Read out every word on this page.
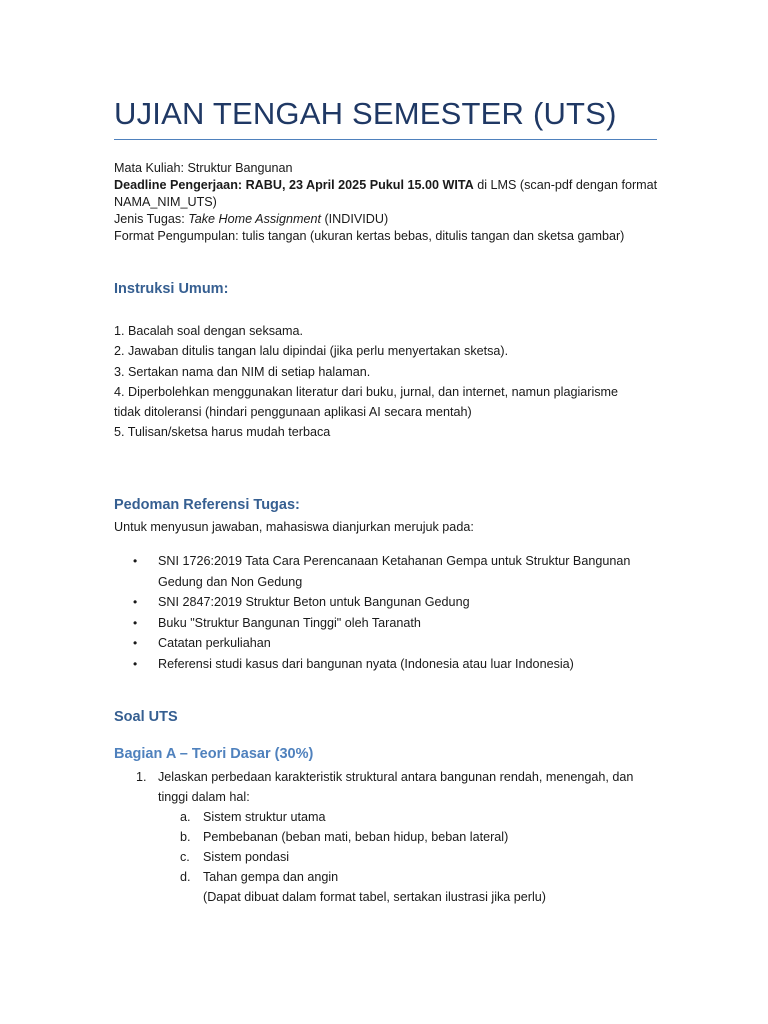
UJIAN TENGAH SEMESTER (UTS)
Mata Kuliah: Struktur Bangunan
Deadline Pengerjaan: RABU, 23 April 2025 Pukul 15.00 WITA di LMS (scan-pdf dengan format
NAMA_NIM_UTS)
Jenis Tugas: Take Home Assignment (INDIVIDU)
Format Pengumpulan: tulis tangan (ukuran kertas bebas, ditulis tangan dan sketsa gambar)
Instruksi Umum:
1. Bacalah soal dengan seksama.
2. Jawaban ditulis tangan lalu dipindai (jika perlu menyertakan sketsa).
3. Sertakan nama dan NIM di setiap halaman.
4. Diperbolehkan menggunakan literatur dari buku, jurnal, dan internet, namun plagiarisme
tidak ditoleransi (hindari penggunaan aplikasi AI secara mentah)
5. Tulisan/sketsa harus mudah terbaca
Pedoman Referensi Tugas:
Untuk menyusun jawaban, mahasiswa dianjurkan merujuk pada:
• SNI 1726:2019 Tata Cara Perencanaan Ketahanan Gempa untuk Struktur Bangunan
Gedung dan Non Gedung
• SNI 2847:2019 Struktur Beton untuk Bangunan Gedung
• Buku "Struktur Bangunan Tinggi" oleh Taranath
• Catatan perkuliahan
• Referensi studi kasus dari bangunan nyata (Indonesia atau luar Indonesia)
Soal UTS
Bagian A – Teori Dasar (30%)
1. Jelaskan perbedaan karakteristik struktural antara bangunan rendah, menengah, dan
tinggi dalam hal:
a. Sistem struktur utama
b. Pembebanan (beban mati, beban hidup, beban lateral)
c. Sistem pondasi
d. Tahan gempa dan angin
(Dapat dibuat dalam format tabel, sertakan ilustrasi jika perlu)
